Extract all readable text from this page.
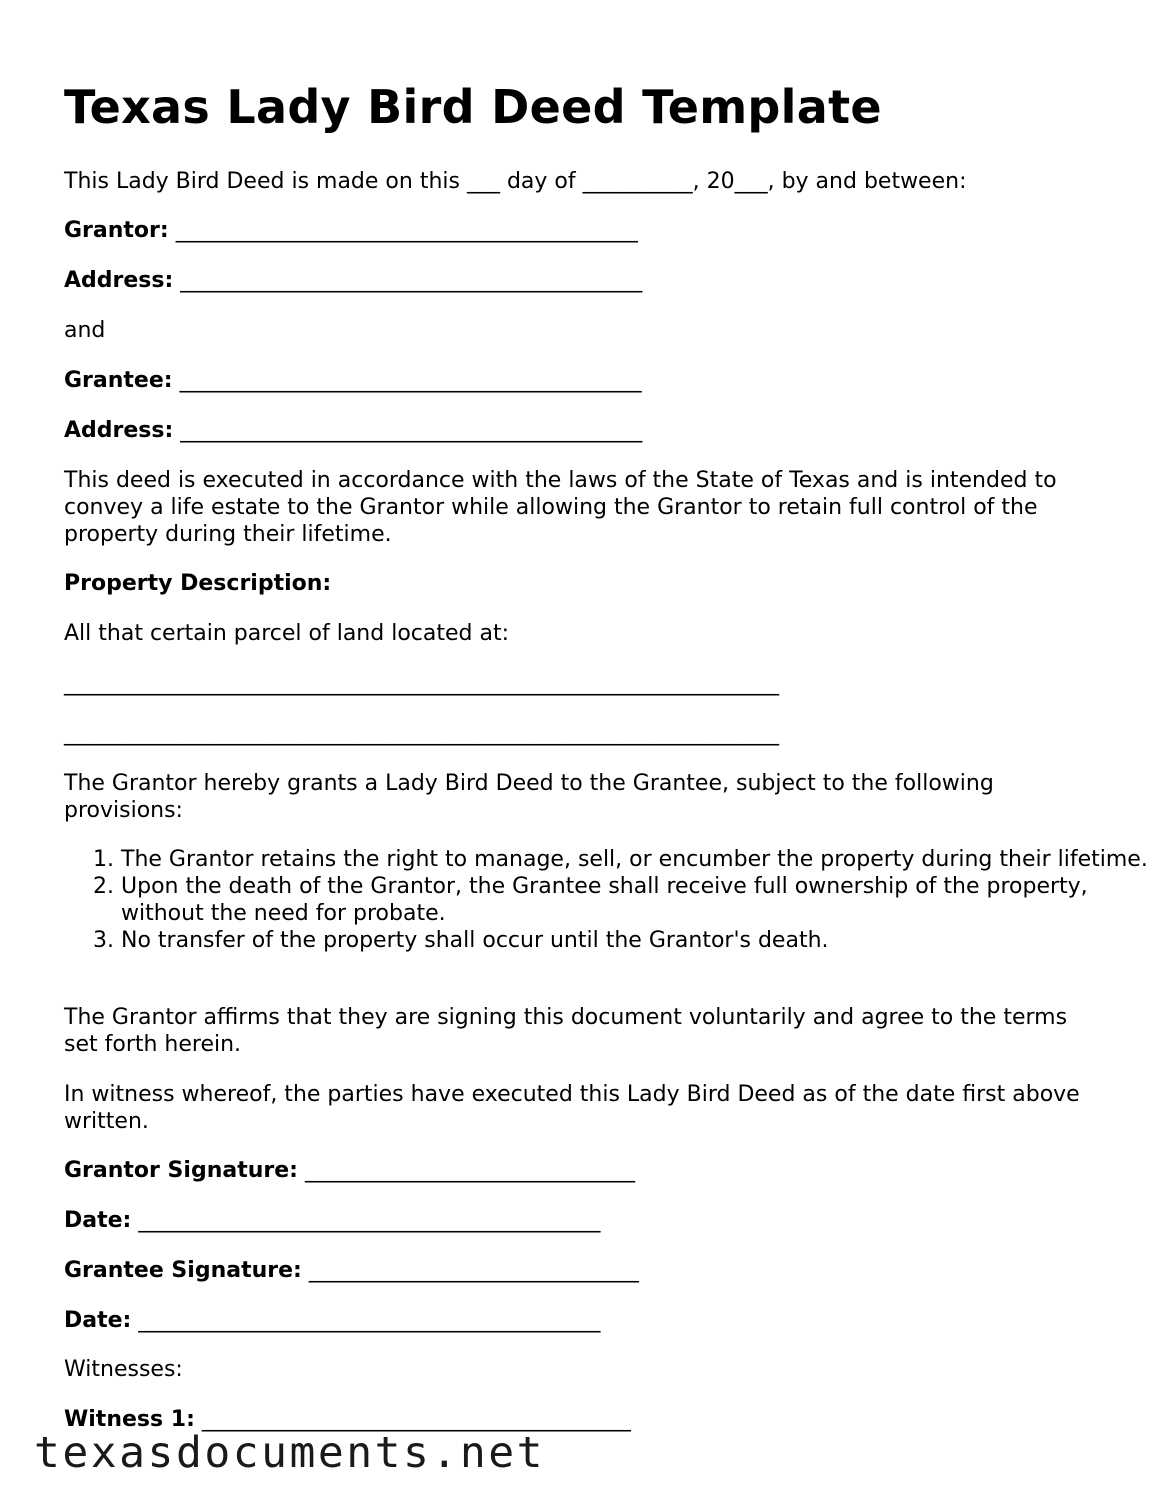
Texas Lady Bird Deed Template
This Lady Bird Deed is made on this ___ day of __________, 20___, by and between:
Grantor: __________________________________________
Address: __________________________________________
and
Grantee: __________________________________________
Address: __________________________________________

This deed is executed in accordance with the laws of the State of Texas and is intended to convey a life estate to the Grantor while allowing the Grantor to retain full control of the property during their lifetime.

Property Description:
All that certain parcel of land located at:
_________________________________________________________________
_________________________________________________________________

The Grantor hereby grants a Lady Bird Deed to the Grantee, subject to the following provisions:

1. The Grantor retains the right to manage, sell, or encumber the property during their lifetime.
2. Upon the death of the Grantor, the Grantee shall receive full ownership of the property, without the need for probate.
3. No transfer of the property shall occur until the Grantor's death.

The Grantor affirms that they are signing this document voluntarily and agree to the terms set forth herein.

In witness whereof, the parties have executed this Lady Bird Deed as of the date first above written.

Grantor Signature: ______________________________
Date: __________________________________________
Grantee Signature: ______________________________
Date: __________________________________________
Witnesses:
Witness 1: _______________________________________
texasdocuments.net
